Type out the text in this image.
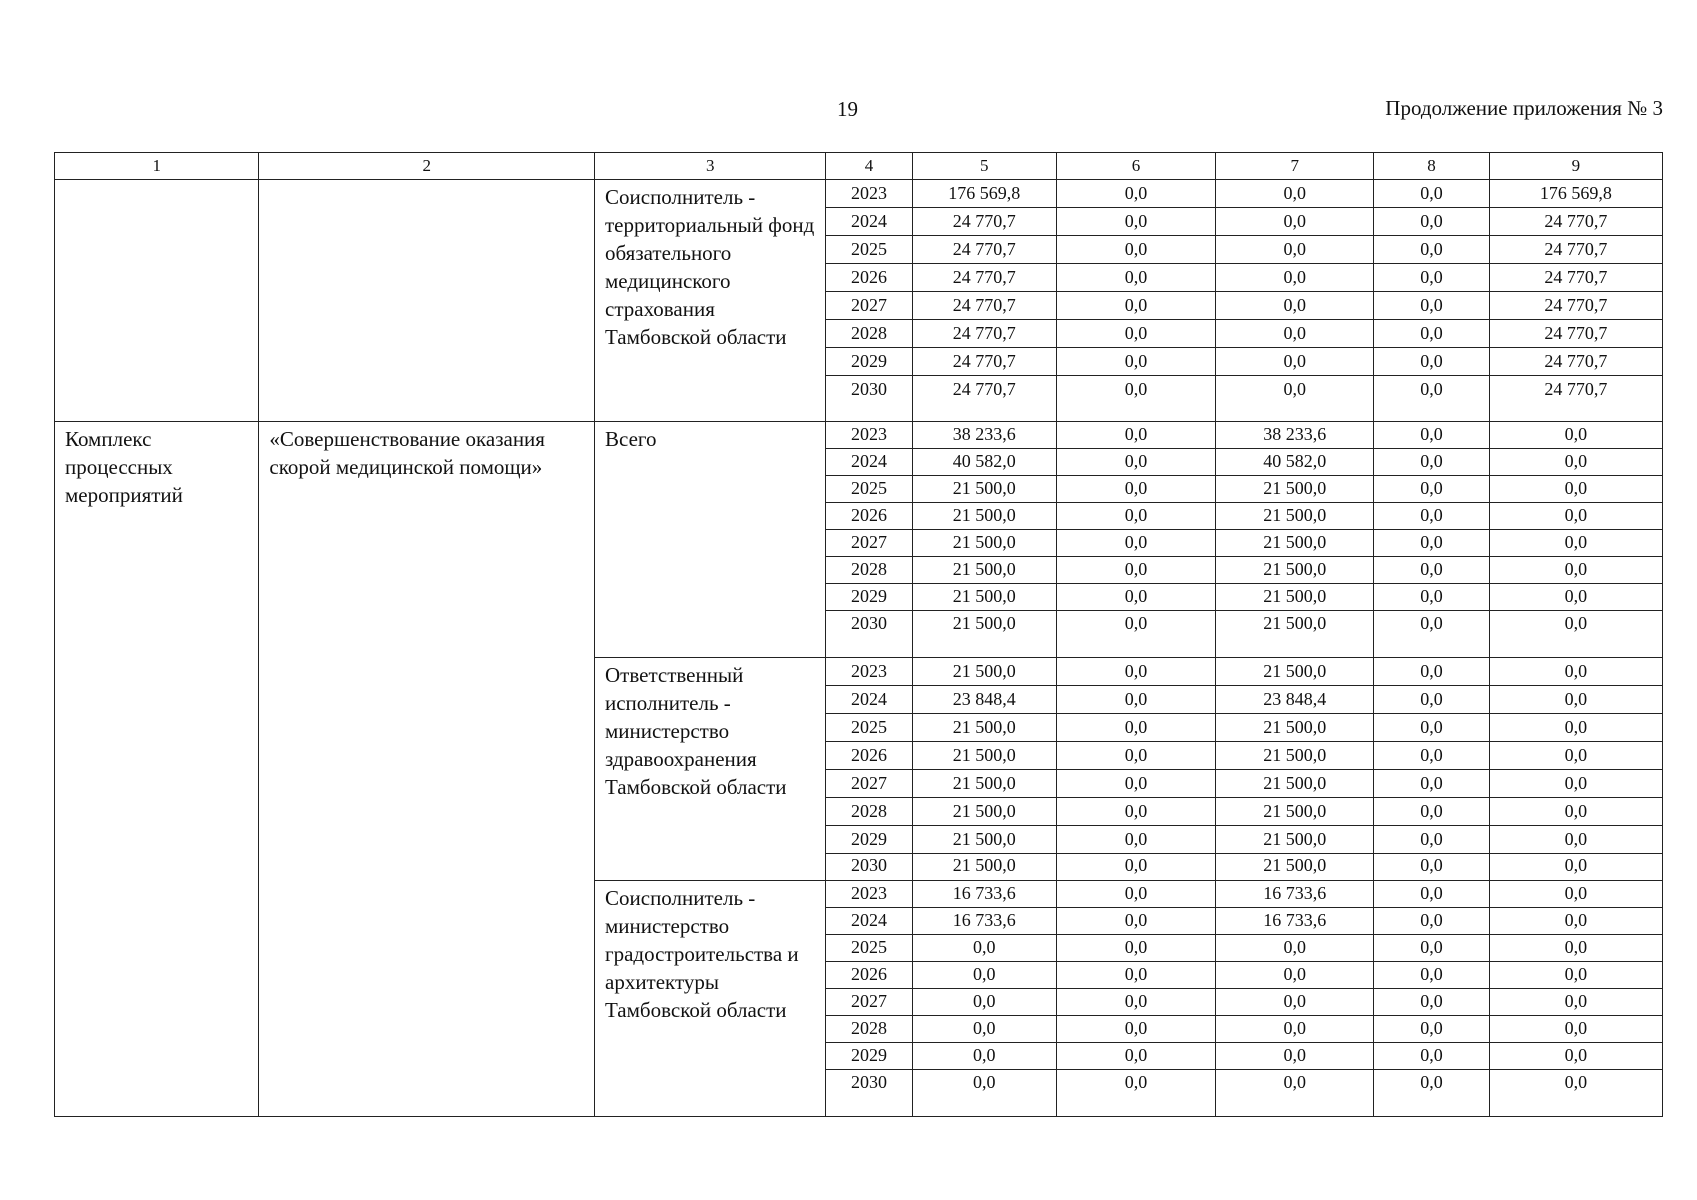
19	Продолжение приложения № 3
1	2	3	4	5	6	7	8	9
		Соисполнитель - территориальный фонд обязательного медицинского страхования Тамбовской области	2023	176 569,8	0,0	0,0	0,0	176 569,8
			2024	24 770,7	0,0	0,0	0,0	24 770,7
			2025	24 770,7	0,0	0,0	0,0	24 770,7
			2026	24 770,7	0,0	0,0	0,0	24 770,7
			2027	24 770,7	0,0	0,0	0,0	24 770,7
			2028	24 770,7	0,0	0,0	0,0	24 770,7
			2029	24 770,7	0,0	0,0	0,0	24 770,7
			2030	24 770,7	0,0	0,0	0,0	24 770,7
Комплекс процессных мероприятий	«Совершенствование оказания скорой медицинской помощи»	Всего	2023	38 233,6	0,0	38 233,6	0,0	0,0
			2024	40 582,0	0,0	40 582,0	0,0	0,0
			2025	21 500,0	0,0	21 500,0	0,0	0,0
			2026	21 500,0	0,0	21 500,0	0,0	0,0
			2027	21 500,0	0,0	21 500,0	0,0	0,0
			2028	21 500,0	0,0	21 500,0	0,0	0,0
			2029	21 500,0	0,0	21 500,0	0,0	0,0
			2030	21 500,0	0,0	21 500,0	0,0	0,0
		Ответственный исполнитель - министерство здравоохранения Тамбовской области	2023	21 500,0	0,0	21 500,0	0,0	0,0
			2024	23 848,4	0,0	23 848,4	0,0	0,0
			2025	21 500,0	0,0	21 500,0	0,0	0,0
			2026	21 500,0	0,0	21 500,0	0,0	0,0
			2027	21 500,0	0,0	21 500,0	0,0	0,0
			2028	21 500,0	0,0	21 500,0	0,0	0,0
			2029	21 500,0	0,0	21 500,0	0,0	0,0
			2030	21 500,0	0,0	21 500,0	0,0	0,0
		Соисполнитель - министерство градостроительства и архитектуры Тамбовской области	2023	16 733,6	0,0	16 733,6	0,0	0,0
			2024	16 733,6	0,0	16 733,6	0,0	0,0
			2025	0,0	0,0	0,0	0,0	0,0
			2026	0,0	0,0	0,0	0,0	0,0
			2027	0,0	0,0	0,0	0,0	0,0
			2028	0,0	0,0	0,0	0,0	0,0
			2029	0,0	0,0	0,0	0,0	0,0
			2030	0,0	0,0	0,0	0,0	0,0
